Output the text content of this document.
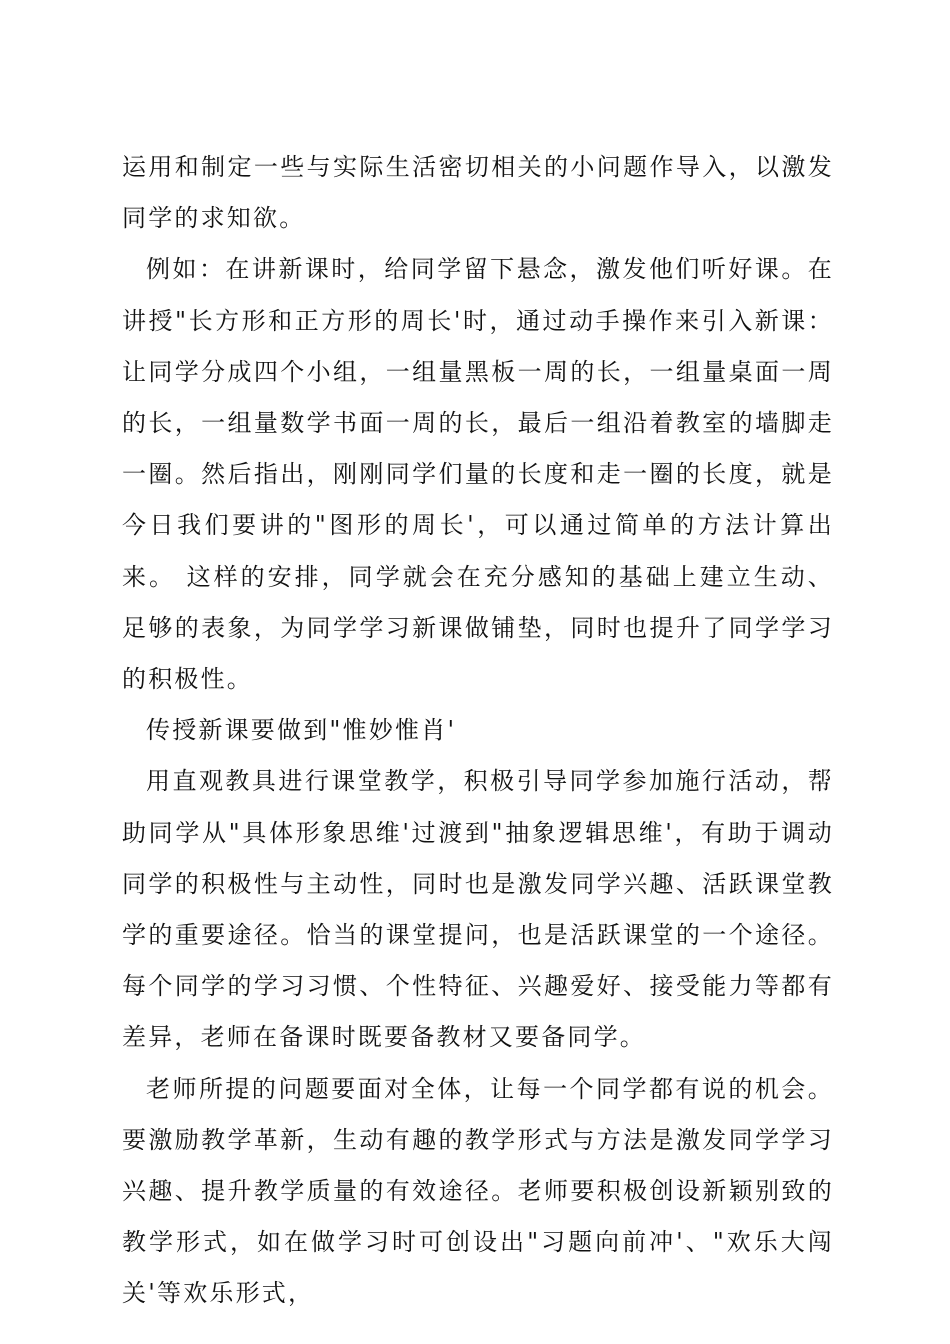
运用和制定一些与实际生活密切相关的小问题作导入，以激发同学的求知欲。

例如：在讲新课时，给同学留下悬念，激发他们听好课。在讲授"长方形和正方形的周长'时，通过动手操作来引入新课：让同学分成四个小组，一组量黑板一周的长，一组量桌面一周的长，一组量数学书面一周的长，最后一组沿着教室的墙脚走一圈。然后指出，刚刚同学们量的长度和走一圈的长度，就是今日我们要讲的"图形的周长'，可以通过简单的方法计算出来。 这样的安排，同学就会在充分感知的基础上建立生动、足够的表象，为同学学习新课做铺垫，同时也提升了同学学习的积极性。

传授新课要做到"惟妙惟肖'

用直观教具进行课堂教学，积极引导同学参加施行活动，帮助同学从"具体形象思维'过渡到"抽象逻辑思维'，有助于调动同学的积极性与主动性，同时也是激发同学兴趣、活跃课堂教学的重要途径。恰当的课堂提问，也是活跃课堂的一个途径。每个同学的学习习惯、个性特征、兴趣爱好、接受能力等都有差异，老师在备课时既要备教材又要备同学。

老师所提的问题要面对全体，让每一个同学都有说的机会。要激励教学革新，生动有趣的教学形式与方法是激发同学学习兴趣、提升教学质量的有效途径。老师要积极创设新颖别致的教学形式，如在做学习时可创设出"习题向前冲'、"欢乐大闯关'等欢乐形式，
